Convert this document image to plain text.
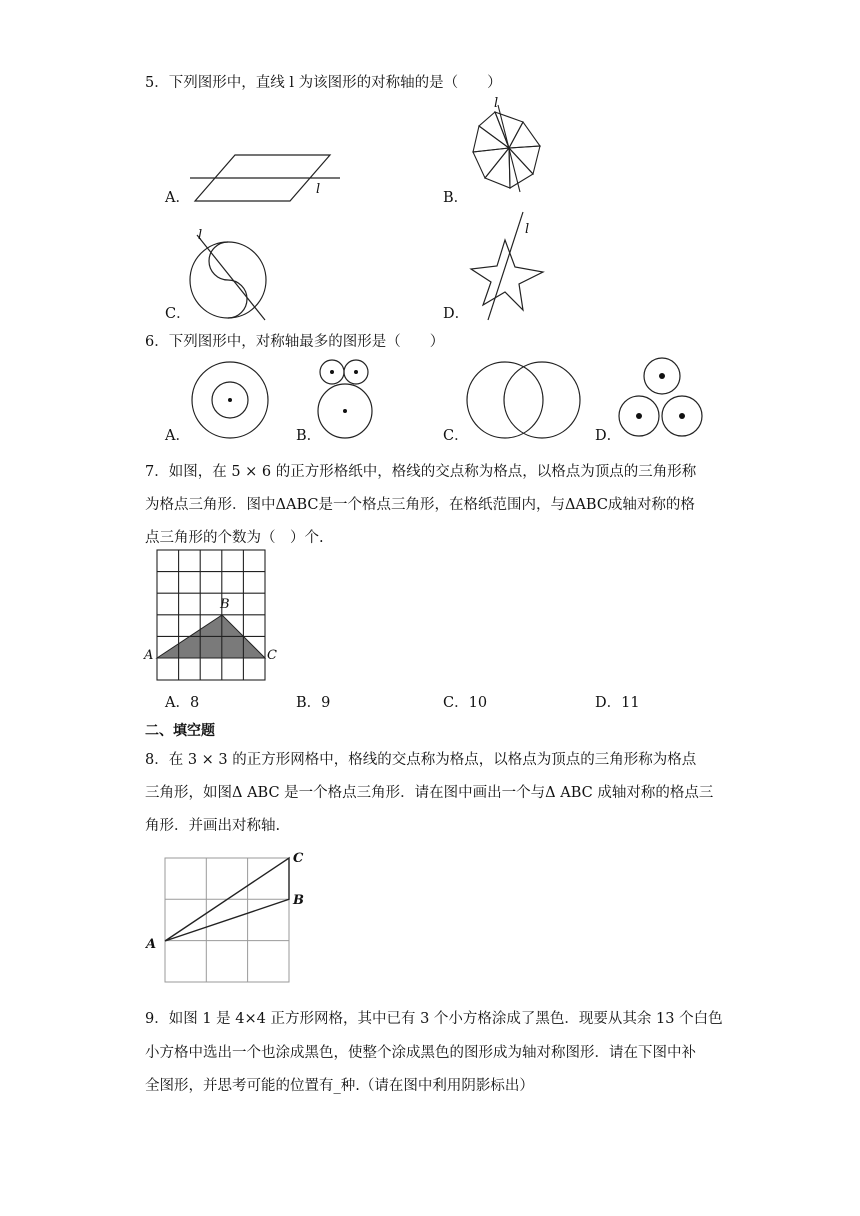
5．下列图形中，直线 l 为该图形的对称轴的是（　　）
A．
l
B．
l
C．
l
D．
l
6．下列图形中，对称轴最多的图形是（　　）
A．	B．	C．	D．
7．如图，在 5 × 6 的正方形格纸中，格线的交点称为格点，以格点为顶点的三角形称
为格点三角形．图中ΔABC是一个格点三角形，在格纸范围内，与ΔABC成轴对称的格
点三角形的个数为（　）个.
A
B
C
A．8	B．9	C．10	D．11
二、填空题
8．在 3 × 3 的正方形网格中，格线的交点称为格点，以格点为顶点的三角形称为格点
三角形，如图Δ ABC 是一个格点三角形．请在图中画出一个与Δ ABC 成轴对称的格点三
角形．并画出对称轴.
A
B
C
9．如图 1 是 4×4 正方形网格，其中已有 3 个小方格涂成了黑色．现要从其余 13 个白色
小方格中选出一个也涂成黑色，使整个涂成黑色的图形成为轴对称图形．请在下图中补
全图形，并思考可能的位置有_种.（请在图中利用阴影标出）
